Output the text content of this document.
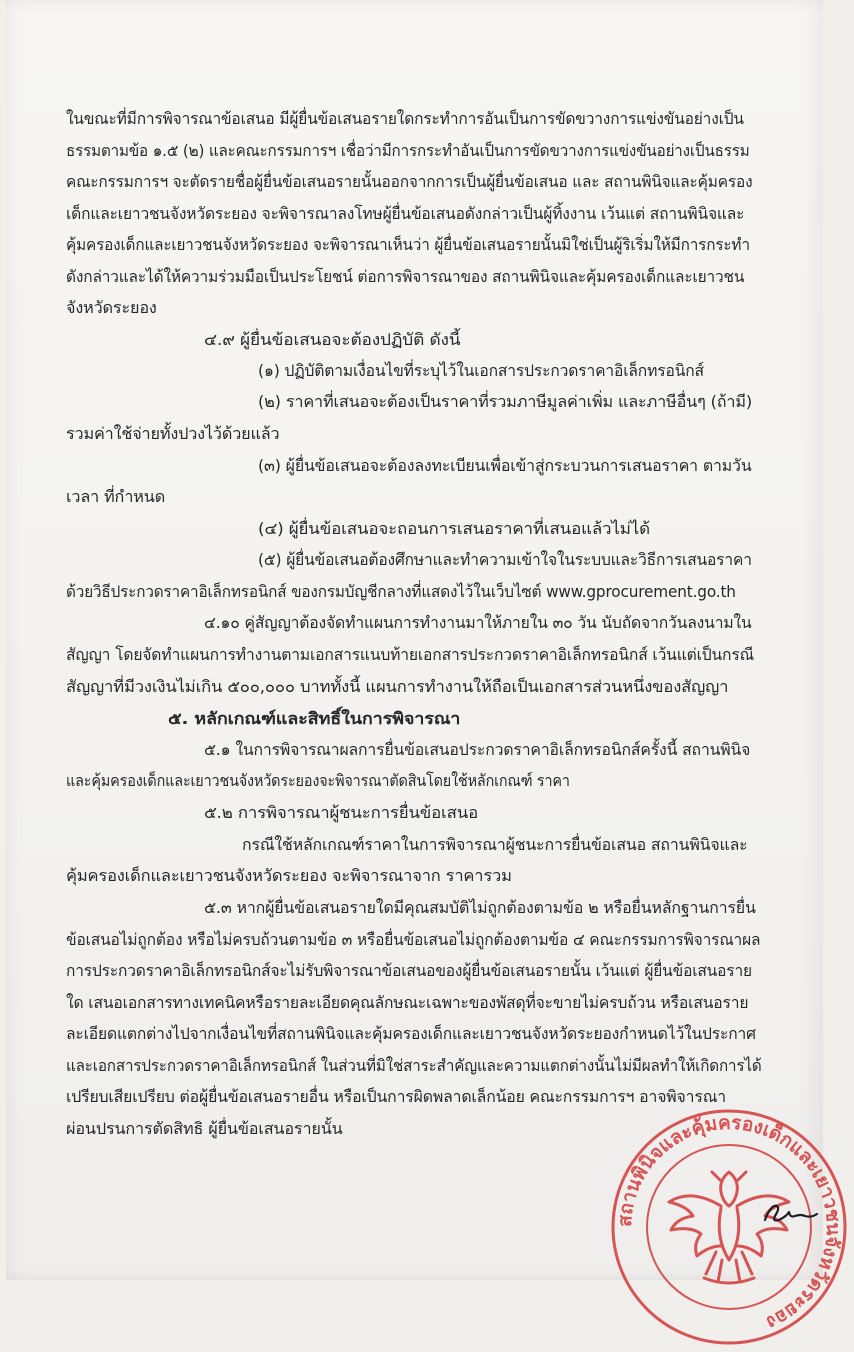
ในขณะที่มีการพิจารณาข้อเสนอ มีผู้ยื่นข้อเสนอรายใดกระทำการอันเป็นการขัดขวางการแข่งขันอย่างเป็น

ธรรมตามข้อ ๑.๕ (๒) และคณะกรรมการฯ เชื่อว่ามีการกระทำอันเป็นการขัดขวางการแข่งขันอย่างเป็นธรรม

คณะกรรมการฯ จะตัดรายชื่อผู้ยื่นข้อเสนอรายนั้นออกจากการเป็นผู้ยื่นข้อเสนอ และ สถานพินิจและคุ้มครอง

เด็กและเยาวชนจังหวัดระยอง จะพิจารณาลงโทษผู้ยื่นข้อเสนอดังกล่าวเป็นผู้ทิ้งงาน เว้นแต่ สถานพินิจและ

คุ้มครองเด็กและเยาวชนจังหวัดระยอง จะพิจารณาเห็นว่า ผู้ยื่นข้อเสนอรายนั้นมิใช่เป็นผู้ริเริ่มให้มีการกระทำ

ดังกล่าวและได้ให้ความร่วมมือเป็นประโยชน์ ต่อการพิจารณาของ สถานพินิจและคุ้มครองเด็กและเยาวชน

จังหวัดระยอง

๔.๙ ผู้ยื่นข้อเสนอจะต้องปฏิบัติ ดังนี้

(๑) ปฏิบัติตามเงื่อนไขที่ระบุไว้ในเอกสารประกวดราคาอิเล็กทรอนิกส์

(๒) ราคาที่เสนอจะต้องเป็นราคาที่รวมภาษีมูลค่าเพิ่ม และภาษีอื่นๆ (ถ้ามี)

รวมค่าใช้จ่ายทั้งปวงไว้ด้วยแล้ว

(๓) ผู้ยื่นข้อเสนอจะต้องลงทะเบียนเพื่อเข้าสู่กระบวนการเสนอราคา ตามวัน

เวลา ที่กำหนด

(๔) ผู้ยื่นข้อเสนอจะถอนการเสนอราคาที่เสนอแล้วไม่ได้

(๕) ผู้ยื่นข้อเสนอต้องศึกษาและทำความเข้าใจในระบบและวิธีการเสนอราคา

ด้วยวิธีประกวดราคาอิเล็กทรอนิกส์ ของกรมบัญชีกลางที่แสดงไว้ในเว็บไซต์ www.gprocurement.go.th

๔.๑๐ คู่สัญญาต้องจัดทำแผนการทำงานมาให้ภายใน ๓๐ วัน นับถัดจากวันลงนามใน

สัญญา โดยจัดทำแผนการทำงานตามเอกสารแนบท้ายเอกสารประกวดราคาอิเล็กทรอนิกส์ เว้นแต่เป็นกรณี

สัญญาที่มีวงเงินไม่เกิน ๕๐๐,๐๐๐ บาททั้งนี้ แผนการทำงานให้ถือเป็นเอกสารส่วนหนึ่งของสัญญา

๕. หลักเกณฑ์และสิทธิ์ในการพิจารณา

๕.๑ ในการพิจารณาผลการยื่นข้อเสนอประกวดราคาอิเล็กทรอนิกส์ครั้งนี้ สถานพินิจ

และคุ้มครองเด็กและเยาวชนจังหวัดระยองจะพิจารณาตัดสินโดยใช้หลักเกณฑ์ ราคา

๕.๒ การพิจารณาผู้ชนะการยื่นข้อเสนอ

กรณีใช้หลักเกณฑ์ราคาในการพิจารณาผู้ชนะการยื่นข้อเสนอ สถานพินิจและ

คุ้มครองเด็กและเยาวชนจังหวัดระยอง จะพิจารณาจาก ราคารวม

๕.๓ หากผู้ยื่นข้อเสนอรายใดมีคุณสมบัติไม่ถูกต้องตามข้อ ๒ หรือยื่นหลักฐานการยื่น

ข้อเสนอไม่ถูกต้อง หรือไม่ครบถ้วนตามข้อ ๓ หรือยื่นข้อเสนอไม่ถูกต้องตามข้อ ๔ คณะกรรมการพิจารณาผล

การประกวดราคาอิเล็กทรอนิกส์จะไม่รับพิจารณาข้อเสนอของผู้ยื่นข้อเสนอรายนั้น เว้นแต่ ผู้ยื่นข้อเสนอราย

ใด เสนอเอกสารทางเทคนิคหรือรายละเอียดคุณลักษณะเฉพาะของพัสดุที่จะขายไม่ครบถ้วน หรือเสนอราย

ละเอียดแตกต่างไปจากเงื่อนไขที่สถานพินิจและคุ้มครองเด็กและเยาวชนจังหวัดระยองกำหนดไว้ในประกาศ

และเอกสารประกวดราคาอิเล็กทรอนิกส์ ในส่วนที่มิใช่สาระสำคัญและความแตกต่างนั้นไม่มีผลทำให้เกิดการได้

เปรียบเสียเปรียบ ต่อผู้ยื่นข้อเสนอรายอื่น หรือเป็นการผิดพลาดเล็กน้อย คณะกรรมการฯ อาจพิจารณา

ผ่อนปรนการตัดสิทธิ ผู้ยื่นข้อเสนอรายนั้น

สถานพินิจและคุ้มครองเด็กและเยาวชนจังหวัดระยอง
